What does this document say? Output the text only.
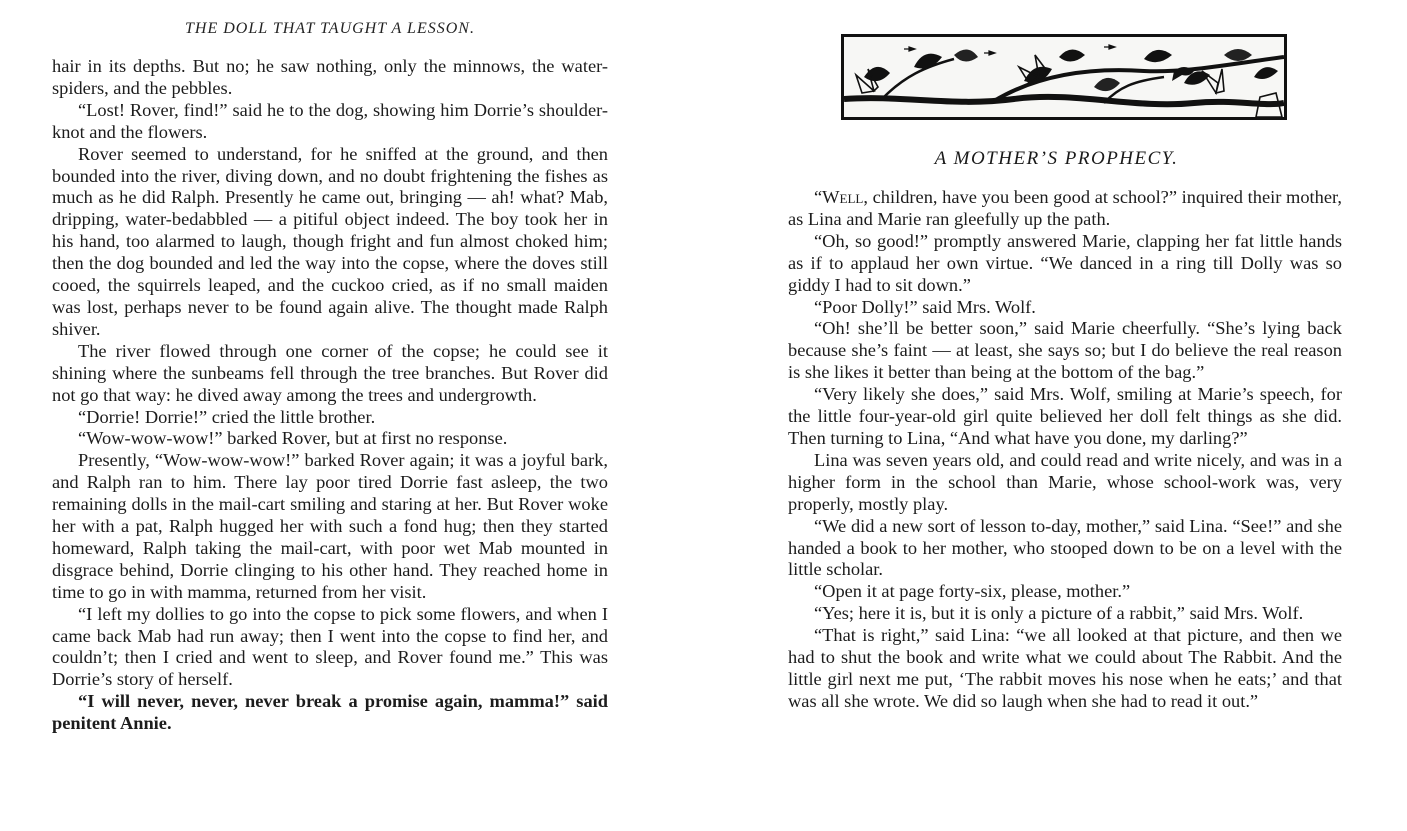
THE DOLL THAT TAUGHT A LESSON.

hair in its depths. But no; he saw nothing, only the minnows, the water-spiders, and the pebbles.

“Lost! Rover, find!” said he to the dog, showing him Dorrie’s shoulder-knot and the flowers.

Rover seemed to understand, for he sniffed at the ground, and then bounded into the river, diving down, and no doubt frightening the fishes as much as he did Ralph. Presently he came out, bringing — ah! what? Mab, dripping, water-bedabbled — a pitiful object indeed. The boy took her in his hand, too alarmed to laugh, though fright and fun almost choked him; then the dog bounded and led the way into the copse, where the doves still cooed, the squirrels leaped, and the cuckoo cried, as if no small maiden was lost, perhaps never to be found again alive. The thought made Ralph shiver.

The river flowed through one corner of the copse; he could see it shining where the sunbeams fell through the tree branches. But Rover did not go that way: he dived away among the trees and undergrowth.

“Dorrie! Dorrie!” cried the little brother.

“Wow-wow-wow!” barked Rover, but at first no response.

Presently, “Wow-wow-wow!” barked Rover again; it was a joyful bark, and Ralph ran to him. There lay poor tired Dorrie fast asleep, the two remaining dolls in the mail-cart smiling and staring at her. But Rover woke her with a pat, Ralph hugged her with such a fond hug; then they started homeward, Ralph taking the mail-cart, with poor wet Mab mounted in disgrace behind, Dorrie clinging to his other hand. They reached home in time to go in with mamma, returned from her visit.

“I left my dollies to go into the copse to pick some flowers, and when I came back Mab had run away; then I went into the copse to find her, and couldn’t; then I cried and went to sleep, and Rover found me.” This was Dorrie’s story of herself.

“I will never, never, never break a promise again, mamma!” said penitent Annie.

A MOTHER’S PROPHECY.

“Well, children, have you been good at school?” inquired their mother, as Lina and Marie ran gleefully up the path.

“Oh, so good!” promptly answered Marie, clapping her fat little hands as if to applaud her own virtue. “We danced in a ring till Dolly was so giddy I had to sit down.”

“Poor Dolly!” said Mrs. Wolf.

“Oh! she’ll be better soon,” said Marie cheerfully. “She’s lying back because she’s faint — at least, she says so; but I do believe the real reason is she likes it better than being at the bottom of the bag.”

“Very likely she does,” said Mrs. Wolf, smiling at Marie’s speech, for the little four-year-old girl quite believed her doll felt things as she did. Then turning to Lina, “And what have you done, my darling?”

Lina was seven years old, and could read and write nicely, and was in a higher form in the school than Marie, whose school-work was, very properly, mostly play.

“We did a new sort of lesson to-day, mother,” said Lina. “See!” and she handed a book to her mother, who stooped down to be on a level with the little scholar.

“Open it at page forty-six, please, mother.”

“Yes; here it is, but it is only a picture of a rabbit,” said Mrs. Wolf.

“That is right,” said Lina: “we all looked at that picture, and then we had to shut the book and write what we could about The Rabbit. And the little girl next me put, ‘The rabbit moves his nose when he eats;’ and that was all she wrote. We did so laugh when she had to read it out.”
